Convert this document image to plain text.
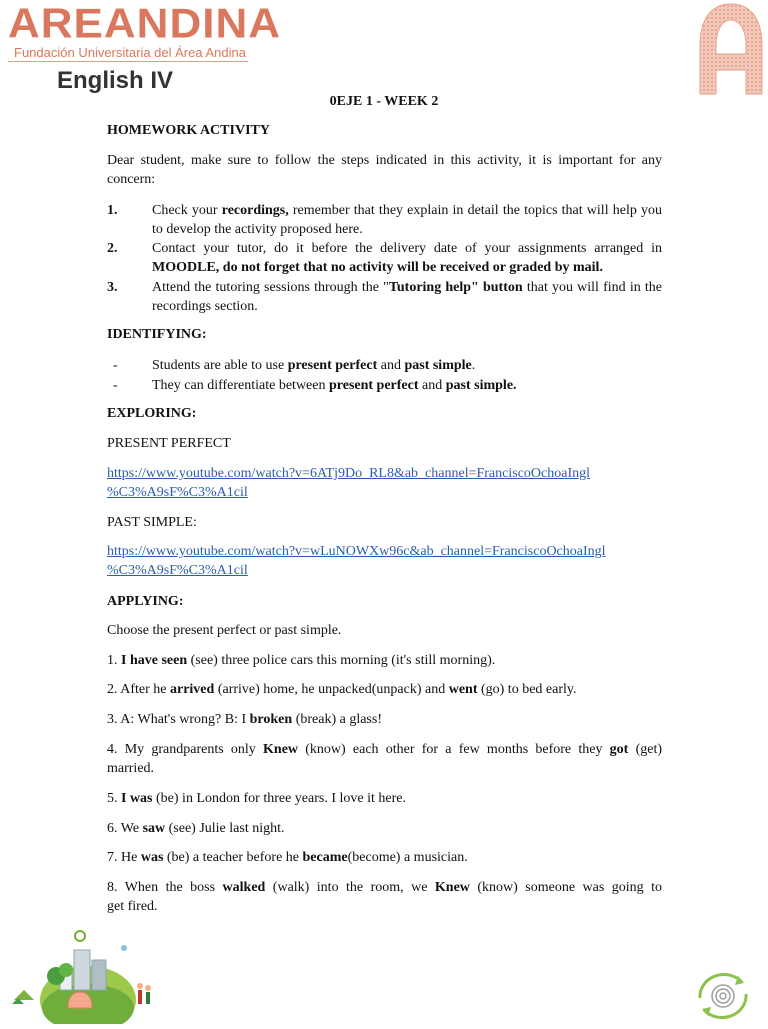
AREANDINA
Fundación Universitaria del Área Andina
English IV
0EJE 1 - WEEK 2
HOMEWORK ACTIVITY
Dear student, make sure to follow the steps indicated in this activity, it is important for any concern:
1. Check your recordings, remember that they explain in detail the topics that will help you to develop the activity proposed here.
2. Contact your tutor, do it before the delivery date of your assignments arranged in MOODLE, do not forget that no activity will be received or graded by mail.
3. Attend the tutoring sessions through the "Tutoring help" button that you will find in the recordings section.
IDENTIFYING:
- Students are able to use present perfect and past simple.
- They can differentiate between present perfect and past simple.
EXPLORING:
PRESENT PERFECT
https://www.youtube.com/watch?v=6ATj9Do_RL8&ab_channel=FranciscoOchoaIngl
%C3%A9sF%C3%A1cil
PAST SIMPLE:
https://www.youtube.com/watch?v=wLuNOWXw96c&ab_channel=FranciscoOchoaIngl
%C3%A9sF%C3%A1cil
APPLYING:
Choose the present perfect or past simple.
1. I have seen (see) three police cars this morning (it's still morning).
2. After he arrived (arrive) home, he unpacked(unpack) and went (go) to bed early.
3. A: What's wrong? B: I broken (break) a glass!
4. My grandparents only Knew (know) each other for a few months before they got (get)
married.
5. I was (be) in London for three years. I love it here.
6. We saw (see) Julie last night.
7. He was (be) a teacher before he became(become) a musician.
8. When the boss walked (walk) into the room, we Knew (know) someone was going to
get fired.
